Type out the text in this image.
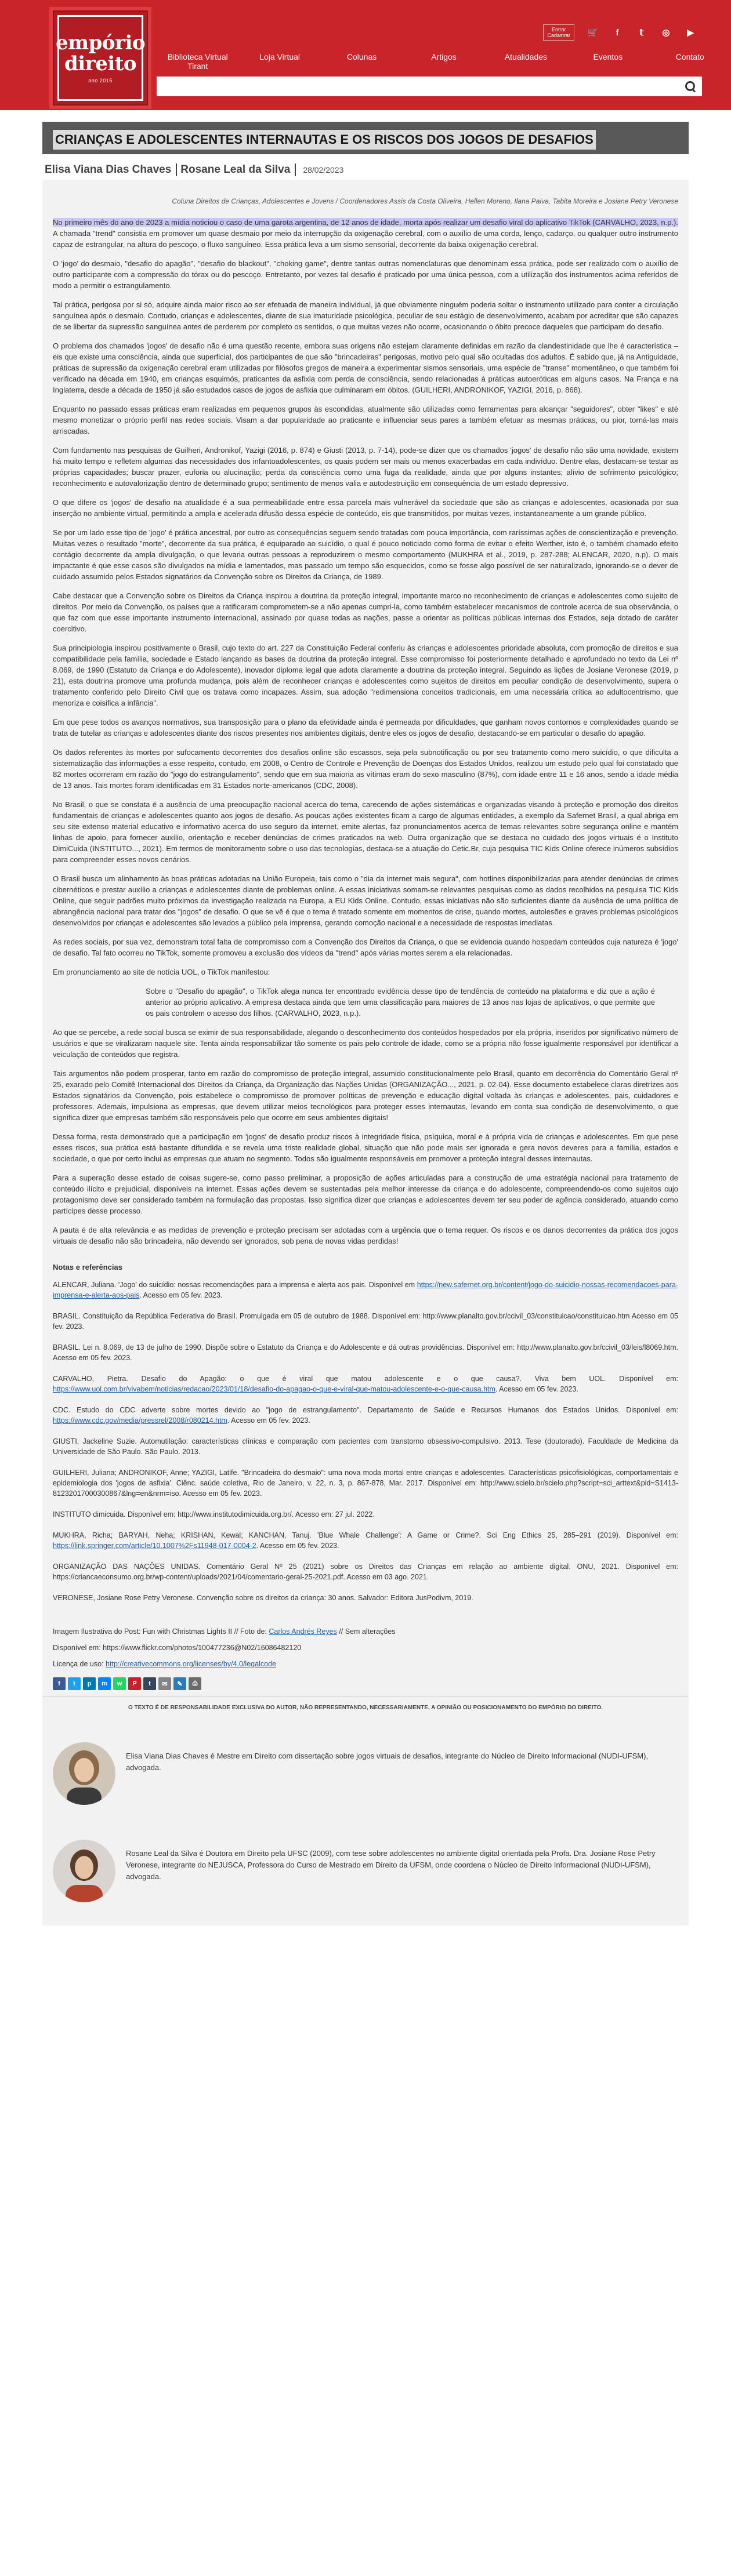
empório
direito
ano 2015
Entrar
Cadastrar 🛒	f	𝕥	◎ ▶
Biblioteca Virtual Tirant
Loja Virtual	Colunas	Artigos	Atualidades	Eventos	Contato
CRIANÇAS E ADOLESCENTES INTERNAUTAS E OS RISCOS DOS JOGOS DE DESAFIOS
Elisa Viana Dias Chaves Rosane Leal da Silva	28/02/2023

Coluna Direitos de Crianças, Adolescentes e Jovens / Coordenadores Assis da Costa Oliveira, Hellen Moreno, Ilana Paiva, Tabita Moreira e Josiane Petry Veronese

No primeiro mês do ano de 2023 a mídia noticiou o caso de uma garota argentina, de 12 anos de idade, morta após realizar um desafio viral do aplicativo TikTok (CARVALHO, 2023, n.p.). A chamada "trend" consistia em promover um quase desmaio por meio da interrupção da oxigenação cerebral, com o auxílio de uma corda, lenço, cadarço, ou qualquer outro instrumento capaz de estrangular, na altura do pescoço, o fluxo sanguíneo. Essa prática leva a um sismo sensorial, decorrente da baixa oxigenação cerebral.

O 'jogo' do desmaio, "desafio do apagão", "desafio do blackout", "choking game", dentre tantas outras nomenclaturas que denominam essa prática, pode ser realizado com o auxílio de outro participante com a compressão do tórax ou do pescoço. Entretanto, por vezes tal desafio é praticado por uma única pessoa, com a utilização dos instrumentos acima referidos de modo a permitir o estrangulamento.

Tal prática, perigosa por si só, adquire ainda maior risco ao ser efetuada de maneira individual, já que obviamente ninguém poderia soltar o instrumento utilizado para conter a circulação sanguínea após o desmaio. Contudo, crianças e adolescentes, diante de sua imaturidade psicológica, peculiar de seu estágio de desenvolvimento, acabam por acreditar que são capazes de se libertar da supressão sanguínea antes de perderem por completo os sentidos, o que muitas vezes não ocorre, ocasionando o óbito precoce daqueles que participam do desafio.

O problema dos chamados 'jogos' de desafio não é uma questão recente, embora suas origens não estejam claramente definidas em razão da clandestinidade que lhe é característica – eis que existe uma consciência, ainda que superficial, dos participantes de que são "brincadeiras" perigosas, motivo pelo qual são ocultadas dos adultos. É sabido que, já na Antiguidade, práticas de supressão da oxigenação cerebral eram utilizadas por filósofos gregos de maneira a experimentar sismos sensoriais, uma espécie de "transe" momentâneo, o que também foi verificado na década em 1940, em crianças esquimós, praticantes da asfixia com perda de consciência, sendo relacionadas à práticas autoeróticas em alguns casos. Na França e na Inglaterra, desde a década de 1950 já são estudados casos de jogos de asfixia que culminaram em óbitos. (GUILHERI, ANDRONIKOF, YAZIGI, 2016, p. 868).

Enquanto no passado essas práticas eram realizadas em pequenos grupos às escondidas, atualmente são utilizadas como ferramentas para alcançar "seguidores", obter "likes" e até mesmo monetizar o próprio perfil nas redes sociais. Visam a dar popularidade ao praticante e influenciar seus pares a também efetuar as mesmas práticas, ou pior, torná-las mais arriscadas.

Com fundamento nas pesquisas de Guilheri, Andronikof, Yazigi (2016, p. 874) e Giusti (2013, p. 7-14), pode-se dizer que os chamados 'jogos' de desafio não são uma novidade, existem há muito tempo e refletem algumas das necessidades dos infantoadolescentes, os quais podem ser mais ou menos exacerbadas em cada indivíduo. Dentre elas, destacam-se testar as próprias capacidades; buscar prazer, euforia ou alucinação; perda da consciência como uma fuga da realidade, ainda que por alguns instantes; alívio de sofrimento psicológico; reconhecimento e autovalorização dentro de determinado grupo; sentimento de menos valia e autodestruição em consequência de um estado depressivo.

O que difere os 'jogos' de desafio na atualidade é a sua permeabilidade entre essa parcela mais vulnerável da sociedade que são as crianças e adolescentes, ocasionada por sua inserção no ambiente virtual, permitindo a ampla e acelerada difusão dessa espécie de conteúdo, eis que transmitidos, por muitas vezes, instantaneamente a um grande público.

Se por um lado esse tipo de 'jogo' é prática ancestral, por outro as consequências seguem sendo tratadas com pouca importância, com raríssimas ações de conscientização e prevenção. Muitas vezes o resultado "morte", decorrente da sua prática, é equiparado ao suicídio, o qual é pouco noticiado como forma de evitar o efeito Werther, isto é, o também chamado efeito contágio decorrente da ampla divulgação, o que levaria outras pessoas a reproduzirem o mesmo comportamento (MUKHRA et al., 2019, p. 287-288; ALENCAR, 2020, n.p). O mais impactante é que esse casos são divulgados na mídia e lamentados, mas passado um tempo são esquecidos, como se fosse algo possível de ser naturalizado, ignorando-se o dever de cuidado assumido pelos Estados signatários da Convenção sobre os Direitos da Criança, de 1989.

Cabe destacar que a Convenção sobre os Direitos da Criança inspirou a doutrina da proteção integral, importante marco no reconhecimento de crianças e adolescentes como sujeito de direitos. Por meio da Convenção, os países que a ratificaram comprometem-se a não apenas cumpri-la, como também estabelecer mecanismos de controle acerca de sua observância, o que faz com que esse importante instrumento internacional, assinado por quase todas as nações, passe a orientar as políticas públicas internas dos Estados, seja dotado de caráter coercitivo.

Sua principiologia inspirou positivamente o Brasil, cujo texto do art. 227 da Constituição Federal conferiu às crianças e adolescentes prioridade absoluta, com promoção de direitos e sua compatibilidade pela família, sociedade e Estado lançando as bases da doutrina da proteção integral. Esse compromisso foi posteriormente detalhado e aprofundado no texto da Lei nº 8.069, de 1990 (Estatuto da Criança e do Adolescente), inovador diploma legal que adota claramente a doutrina da proteção integral. Seguindo as lições de Josiane Veronese (2019, p 21), esta doutrina promove uma profunda mudança, pois além de reconhecer crianças e adolescentes como sujeitos de direitos em peculiar condição de desenvolvimento, supera o tratamento conferido pelo Direito Civil que os tratava como incapazes. Assim, sua adoção "redimensiona conceitos tradicionais, em uma necessária crítica ao adultocentrismo, que menoriza e coisifica a infância".

Em que pese todos os avanços normativos, sua transposição para o plano da efetividade ainda é permeada por dificuldades, que ganham novos contornos e complexidades quando se trata de tutelar as crianças e adolescentes diante dos riscos presentes nos ambientes digitais, dentre eles os jogos de desafio, destacando-se em particular o desafio do apagão.

Os dados referentes às mortes por sufocamento decorrentes dos desafios online são escassos, seja pela subnotificação ou por seu tratamento como mero suicídio, o que dificulta a sistematização das informações a esse respeito, contudo, em 2008, o Centro de Controle e Prevenção de Doenças dos Estados Unidos, realizou um estudo pelo qual foi constatado que 82 mortes ocorreram em razão do "jogo do estrangulamento", sendo que em sua maioria as vítimas eram do sexo masculino (87%), com idade entre 11 e 16 anos, sendo a idade média de 13 anos. Tais mortes foram identificadas em 31 Estados norte-americanos (CDC, 2008).

No Brasil, o que se constata é a ausência de uma preocupação nacional acerca do tema, carecendo de ações sistemáticas e organizadas visando à proteção e promoção dos direitos fundamentais de crianças e adolescentes quanto aos jogos de desafio. As poucas ações existentes ficam a cargo de algumas entidades, a exemplo da Safernet Brasil, a qual abriga em seu site extenso material educativo e informativo acerca do uso seguro da internet, emite alertas, faz pronunciamentos acerca de temas relevantes sobre segurança online e mantém linhas de apoio, para fornecer auxílio, orientação e receber denúncias de crimes praticados na web. Outra organização que se destaca no cuidado dos jogos virtuais é o Instituto DimiCuida (INSTITUTO..., 2021). Em termos de monitoramento sobre o uso das tecnologias, destaca-se a atuação do Cetic.Br, cuja pesquisa TIC Kids Online oferece inúmeros subsídios para compreender esses novos cenários.

O Brasil busca um alinhamento às boas práticas adotadas na União Europeia, tais como o "dia da internet mais segura", com hotlines disponibilizadas para atender denúncias de crimes cibernéticos e prestar auxílio a crianças e adolescentes diante de problemas online. A essas iniciativas somam-se relevantes pesquisas como as dados recolhidos na pesquisa TIC Kids Online, que seguir padrões muito próximos da investigação realizada na Europa, a EU Kids Online. Contudo, essas iniciativas não são suficientes diante da ausência de uma política de abrangência nacional para tratar dos "jogos" de desafio. O que se vê é que o tema é tratado somente em momentos de crise, quando mortes, autolesões e graves problemas psicológicos desenvolvidos por crianças e adolescentes são levados a público pela imprensa, gerando comoção nacional e a necessidade de respostas imediatas.

As redes sociais, por sua vez, demonstram total falta de compromisso com a Convenção dos Direitos da Criança, o que se evidencia quando hospedam conteúdos cuja natureza é 'jogo' de desafio. Tal fato ocorreu no TikTok, somente promoveu a exclusão dos vídeos da "trend" após várias mortes serem a ela relacionadas.

Em pronunciamento ao site de notícia UOL, o TikTok manifestou:

Sobre o "Desafio do apagão", o TikTok alega nunca ter encontrado evidência desse tipo de tendência de conteúdo na plataforma e diz que a ação é anterior ao próprio aplicativo. A empresa destaca ainda que tem uma classificação para maiores de 13 anos nas lojas de aplicativos, o que permite que os pais controlem o acesso dos filhos. (CARVALHO, 2023, n.p.).

Ao que se percebe, a rede social busca se eximir de sua responsabilidade, alegando o desconhecimento dos conteúdos hospedados por ela própria, inseridos por significativo número de usuários e que se viralizaram naquele site. Tenta ainda responsabilizar tão somente os pais pelo controle de idade, como se a própria não fosse igualmente responsável por identificar a veiculação de conteúdos que registra.

Tais argumentos não podem prosperar, tanto em razão do compromisso de proteção integral, assumido constitucionalmente pelo Brasil, quanto em decorrência do Comentário Geral nº 25, exarado pelo Comitê Internacional dos Direitos da Criança, da Organização das Nações Unidas (ORGANIZAÇÃO..., 2021, p. 02-04). Esse documento estabelece claras diretrizes aos Estados signatários da Convenção, pois estabelece o compromisso de promover políticas de prevenção e educação digital voltada às crianças e adolescentes, pais, cuidadores e professores. Ademais, impulsiona as empresas, que devem utilizar meios tecnológicos para proteger esses internautas, levando em conta sua condição de desenvolvimento, o que significa dizer que empresas também são responsáveis pelo que ocorre em seus ambientes digitais!

Dessa forma, resta demonstrado que a participação em 'jogos' de desafio produz riscos à integridade física, psíquica, moral e à própria vida de crianças e adolescentes. Em que pese esses riscos, sua prática está bastante difundida e se revela uma triste realidade global, situação que não pode mais ser ignorada e gera novos deveres para a família, estados e sociedade, o que por certo inclui as empresas que atuam no segmento. Todos são igualmente responsáveis em promover a proteção integral desses internautas.

Para a superação desse estado de coisas sugere-se, como passo preliminar, a proposição de ações articuladas para a construção de uma estratégia nacional para tratamento de conteúdo ilícito e prejudicial, disponíveis na internet. Essas ações devem se sustentadas pela melhor interesse da criança e do adolescente, compreendendo-os como sujeitos cujo protagonismo deve ser considerado também na formulação das propostas. Isso significa dizer que crianças e adolescentes devem ter seu poder de agência considerado, atuando como partícipes desse processo.

A pauta é de alta relevância e as medidas de prevenção e proteção precisam ser adotadas com a urgência que o tema requer. Os riscos e os danos decorrentes da prática dos jogos virtuais de desafio não são brincadeira, não devendo ser ignorados, sob pena de novas vidas perdidas!

Notas e referências

ALENCAR, Juliana. 'Jogo' do suicídio: nossas recomendações para a imprensa e alerta aos pais. Disponível em https://new.safernet.org.br/content/jogo-do-suicidio-nossas-recomendacoes-para-imprensa-e-alerta-aos-pais. Acesso em 05 fev. 2023.

BRASIL. Constituição da República Federativa do Brasil. Promulgada em 05 de outubro de 1988. Disponível em: http://www.planalto.gov.br/ccivil_03/constituicao/constituicao.htm Acesso em 05 fev. 2023.

BRASIL. Lei n. 8.069, de 13 de julho de 1990. Dispõe sobre o Estatuto da Criança e do Adolescente e dá outras providências. Disponível em: http://www.planalto.gov.br/ccivil_03/leis/l8069.htm. Acesso em 05 fev. 2023.

CARVALHO, Pietra. Desafio do Apagão: o que é viral que matou adolescente e o que causa?. Viva bem UOL. Disponível em: https://www.uol.com.br/vivabem/noticias/redacao/2023/01/18/desafio-do-apagao-o-que-e-viral-que-matou-adolescente-e-o-que-causa.htm. Acesso em 05 fev. 2023.

CDC. Estudo do CDC adverte sobre mortes devido ao "jogo de estrangulamento". Departamento de Saúde e Recursos Humanos dos Estados Unidos. Disponível em: https://www.cdc.gov/media/pressrel/2008/r080214.htm. Acesso em 05 fev. 2023.

GIUSTI, Jackeline Suzie. Automutilação: características clínicas e comparação com pacientes com transtorno obsessivo-compulsivo. 2013. Tese (doutorado). Faculdade de Medicina da Universidade de São Paulo. São Paulo. 2013.

GUILHERI, Juliana; ANDRONIKOF, Anne; YAZIGI, Latife. "Brincadeira do desmaio": uma nova moda mortal entre crianças e adolescentes. Características psicofisiológicas, comportamentais e epidemiologia dos 'jogos de asfixia'. Ciênc. saúde coletiva, Rio de Janeiro, v. 22, n. 3, p. 867-878, Mar. 2017. Disponível em: http://www.scielo.br/scielo.php?script=sci_arttext&pid=S1413-81232017000300867&lng=en&nrm=iso. Acesso em 05 fev. 2023.

INSTITUTO dimicuida. Disponível em: http://www.institutodimicuida.org.br/. Acesso em: 27 jul. 2022.

MUKHRA, Richa; BARYAH, Neha; KRISHAN, Kewal; KANCHAN, Tanuj. 'Blue Whale Challenge': A Game or Crime?. Sci Eng Ethics 25, 285–291 (2019). Disponível em: https://link.springer.com/article/10.1007%2Fs11948-017-0004-2. Acesso em 05 fev. 2023.

ORGANIZAÇÃO DAS NAÇÕES UNIDAS. Comentário Geral Nº 25 (2021) sobre os Direitos das Crianças em relação ao ambiente digital. ONU, 2021. Disponível em: https://criancaeconsumo.org.br/wp-content/uploads/2021/04/comentario-geral-25-2021.pdf. Acesso em 03 ago. 2021.

VERONESE, Josiane Rose Petry Veronese. Convenção sobre os direitos da criança: 30 anos. Salvador: Editora JusPodivm, 2019.

Imagem Ilustrativa do Post: Fun with Christmas Lights II // Foto de: Carlos Andrés Reyes // Sem alterações

Disponível em: https://www.flickr.com/photos/100477236@N02/16086482120

Licença de uso: http://creativecommons.org/licenses/by/4.0/legalcode

f	t	p	m	w	P	t	✉	✎	⎙
O TEXTO É DE RESPONSABILIDADE EXCLUSIVA DO AUTOR, NÃO REPRESENTANDO, NECESSARIAMENTE, A OPINIÃO OU POSICIONAMENTO DO EMPÓRIO DO DIREITO.

Elisa Viana Dias Chaves é Mestre em Direito com dissertação sobre jogos virtuais de desafios, integrante do Núcleo de Direito Informacional (NUDI-UFSM), advogada.

Rosane Leal da Silva é Doutora em Direito pela UFSC (2009), com tese sobre adolescentes no ambiente digital orientada pela Profa. Dra. Josiane Rose Petry Veronese, integrante do NEJUSCA, Professora do Curso de Mestrado em Direito da UFSM, onde coordena o Núcleo de Direito Informacional (NUDI-UFSM), advogada.
